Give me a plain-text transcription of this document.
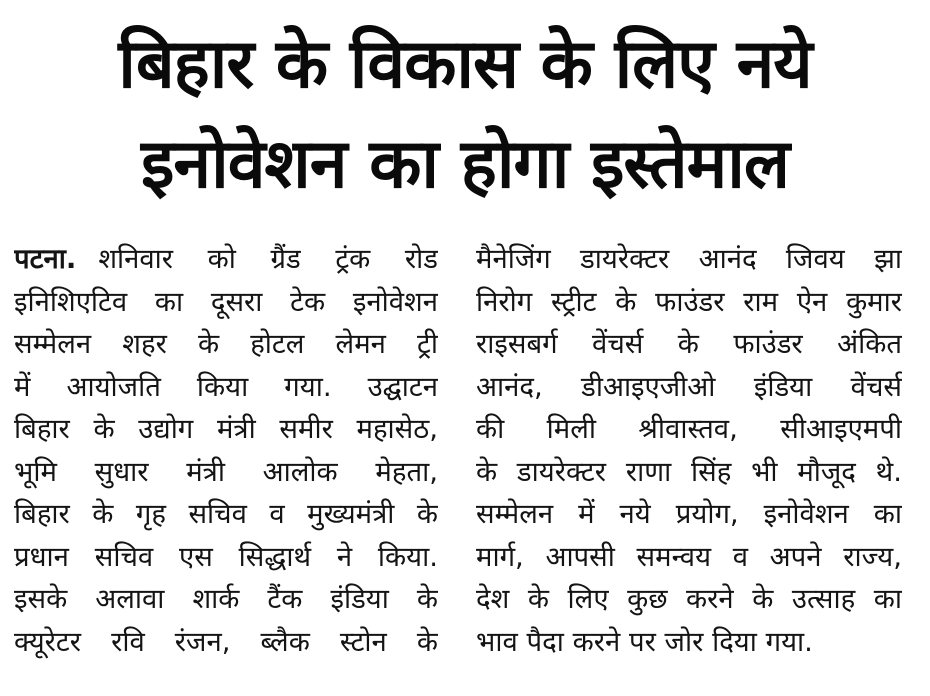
बिहार के विकास के लिए नये
इनोवेशन का होगा इस्तेमाल
पटना. शनिवार को ग्रैंड ट्रंक रोड
इनिशिएटिव का दूसरा टेक इनोवेशन
सम्मेलन शहर के होटल लेमन ट्री
में आयोजति किया गया. उद्घाटन
बिहार के उद्योग मंत्री समीर महासेठ,
भूमि सुधार मंत्री आलोक मेहता,
बिहार के गृह सचिव व मुख्यमंत्री के
प्रधान सचिव एस सिद्धार्थ ने किया.
इसके अलावा शार्क टैंक इंडिया के
क्यूरेटर रवि रंजन, ब्लैक स्टोन के
मैनेजिंग डायरेक्टर आनंद जिवय झा
निरोग स्ट्रीट के फाउंडर राम ऐन कुमार
राइसबर्ग वेंचर्स के फाउंडर अंकित
आनंद, डीआइएजीओ इंडिया वेंचर्स
की मिली श्रीवास्तव, सीआइएमपी
के डायरेक्टर राणा सिंह भी मौजूद थे.
सम्मेलन में नये प्रयोग, इनोवेशन का
मार्ग, आपसी समन्वय व अपने राज्य,
देश के लिए कुछ करने के उत्साह का
भाव पैदा करने पर जोर दिया गया.
